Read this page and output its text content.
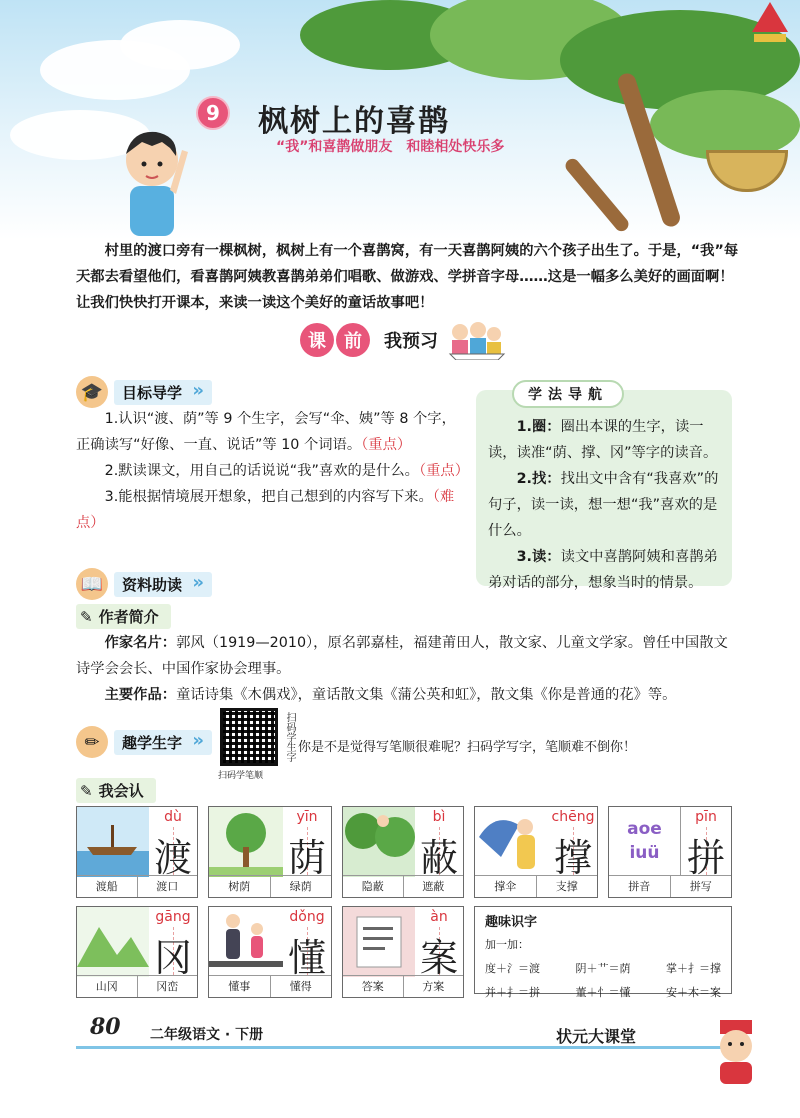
9	枫树上的喜鹊
“我”和喜鹊做朋友　和睦相处快乐多
村里的渡口旁有一棵枫树，枫树上有一个喜鹊窝，有一天喜鹊阿姨的六个孩子出生了。于是，“我”每天都去看望他们，看喜鹊阿姨教喜鹊弟弟们唱歌、做游戏、学拼音字母……这是一幅多么美好的画面啊！让我们快快打开课本，来读一读这个美好的童话故事吧！
课	前	我预习
🎓	目标导学 »

1.认识“渡、荫”等 9 个生字，会写“伞、姨”等 8 个字，正确读写“好像、一直、说话”等 10 个词语。（重点）

2.默读课文，用自己的话说说“我”喜欢的是什么。（重点）

3.能根据情境展开想象，把自己想到的内容写下来。（难点）

1.圈：圈出本课的生字，读一读，读准“荫、撑、冈”等字的读音。

2.找：找出文中含有“我喜欢”的句子，读一读，想一想“我”喜欢的是什么。

3.读：读文中喜鹊阿姨和喜鹊弟弟对话的部分，想象当时的情景。

学法导航
📖	资料助读 »
✎ 作者简介

作家名片：郭风（1919—2010），原名郭嘉桂，福建莆田人，散文家、儿童文学家。曾任中国散文诗学会会长、中国作家协会理事。

主要作品：童话诗集《木偶戏》，童话散文集《蒲公英和虹》，散文集《你是普通的花》等。

✏	趣学生字 »	扫码学生字
扫码学笔顺
你是不是觉得写笔顺很难呢？扫码学写字，笔顺难不倒你！
✎ 我会认
dù
渡
渡船	渡口
yīn
荫
树荫	绿荫
bì
蔽
隐蔽	遮蔽
chēng
撑
撑伞	支撑
aoe iuü
pīn
拼
拼音	拼写
gāng
冈
山冈	冈峦
dǒng
懂
懂事	懂得
àn
案
答案	方案
趣味识字
加一加：
度＋氵＝渡	阴＋艹＝荫	掌＋扌＝撑
并＋扌＝拼	董＋忄＝懂	安＋木＝案
80 二年级语文 · 下册	状元大课堂
